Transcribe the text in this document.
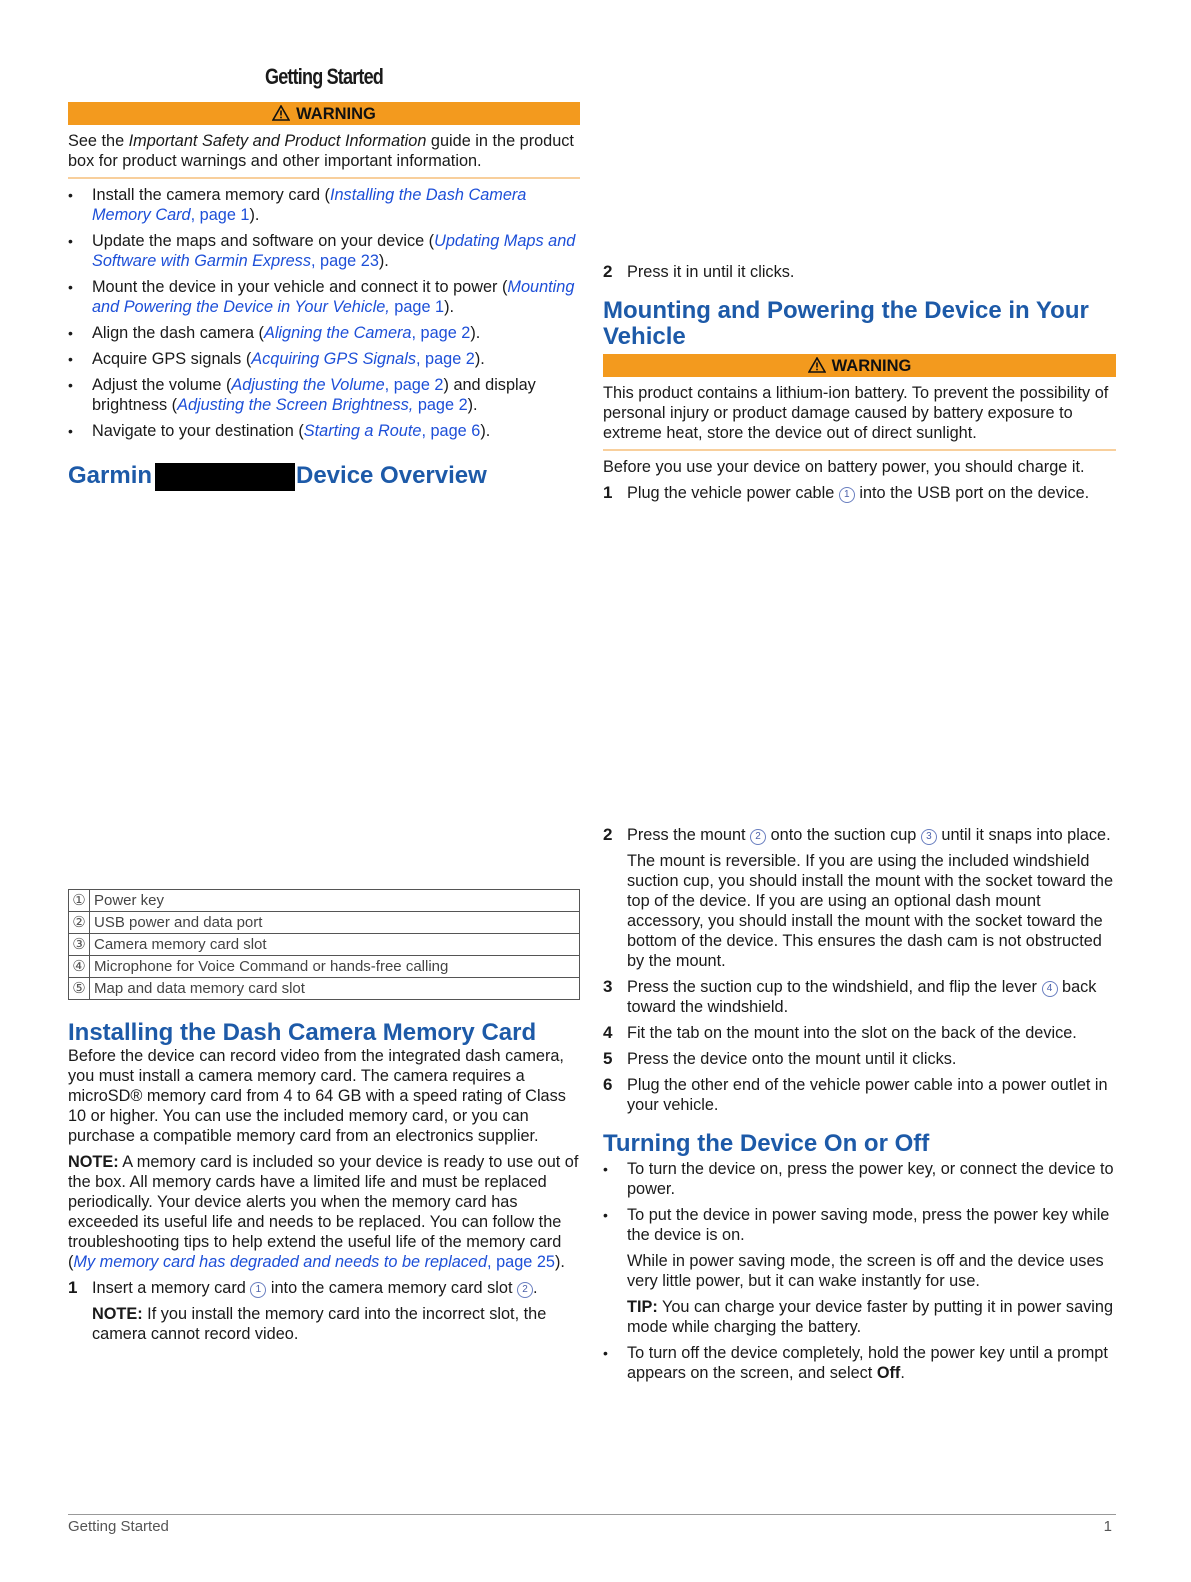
Getting Started
WARNING
See the Important Safety and Product Information guide in the product box for product warnings and other important information.
• Install the camera memory card (Installing the Dash Camera Memory Card, page 1).
• Update the maps and software on your device (Updating Maps and Software with Garmin Express, page 23).
• Mount the device in your vehicle and connect it to power (Mounting and Powering the Device in Your Vehicle, page 1).
• Align the dash camera (Aligning the Camera, page 2).
• Acquire GPS signals (Acquiring GPS Signals, page 2).
• Adjust the volume (Adjusting the Volume, page 2) and display brightness (Adjusting the Screen Brightness, page 2).
• Navigate to your destination (Starting a Route, page 6).
Garmin	Device Overview
①	Power key
②	USB power and data port
③	Camera memory card slot
④	Microphone for Voice Command or hands-free calling
⑤	Map and data memory card slot
Installing the Dash Camera Memory Card

Before the device can record video from the integrated dash camera, you must install a camera memory card. The camera requires a microSD® memory card from 4 to 64 GB with a speed rating of Class 10 or higher. You can use the included memory card, or you can purchase a compatible memory card from an electronics supplier.

NOTE: A memory card is included so your device is ready to use out of the box. All memory cards have a limited life and must be replaced periodically. Your device alerts you when the memory card has exceeded its useful life and needs to be replaced. You can follow the troubleshooting tips to help extend the useful life of the memory card (My memory card has degraded and needs to be replaced, page 25).

1 Insert a memory card 1 into the camera memory card slot 2 .

NOTE: If you install the memory card into the incorrect slot, the camera cannot record video.

2 Press it in until it clicks.
Mounting and Powering the Device in Your Vehicle
WARNING
This product contains a lithium-ion battery. To prevent the possibility of personal injury or product damage caused by battery exposure to extreme heat, store the device out of direct sunlight.

Before you use your device on battery power, you should charge it.

1 Plug the vehicle power cable 1 into the USB port on the device.
2 Press the mount 2 onto the suction cup 3 until it snaps into place.

The mount is reversible. If you are using the included windshield suction cup, you should install the mount with the socket toward the top of the device. If you are using an optional dash mount accessory, you should install the mount with the socket toward the bottom of the device. This ensures the dash cam is not obstructed by the mount.

3 Press the suction cup to the windshield, and flip the lever 4 back toward the windshield.
4 Fit the tab on the mount into the slot on the back of the device.
5 Press the device onto the mount until it clicks.
6 Plug the other end of the vehicle power cable into a power outlet in your vehicle.
Turning the Device On or Off
• To turn the device on, press the power key, or connect the device to power.
• To put the device in power saving mode, press the power key while the device is on.

While in power saving mode, the screen is off and the device uses very little power, but it can wake instantly for use.

TIP: You can charge your device faster by putting it in power saving mode while charging the battery.

• To turn off the device completely, hold the power key until a prompt appears on the screen, and select Off.
Getting Started	1
